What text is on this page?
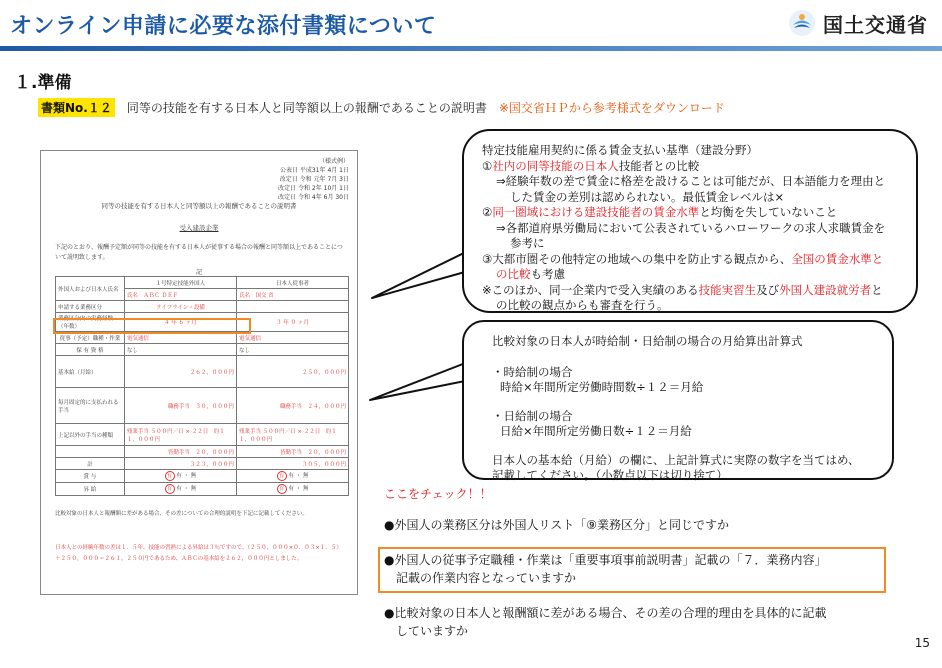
オンライン申請に必要な添付書類について	国土交通省
１.準備
書類No.１２ 同等の技能を有する日本人と同等額以上の報酬であることの説明書 ※国交省ＨＰから参考様式をダウンロード
（様式例）
公表日 平成31年 4月 1日
改定日 令和 元年 7月 3日
改定日 令和 2年 10月 1日
改定日 令和 4年 6月 30日
同等の技能を有する日本人と同等額以上の報酬であることの説明書
受入建設企業
下記のとおり、報酬予定額が同等の技能を有する日本人が従事する場合の報酬と同等額以上であることについて説明致します。
記
外国人および日本人氏名	１号特定技能外国人	日本人従事者
	氏名　ＡＢＣ ＤＥＦ	氏名　国交 省
申請する業務区分	ライフライン・設備	
業務区分内の実務経験（年数）	４ 年 ６ ヶ月	３ 年 ０ ヶ月
従事（予定）職種・作業	電気通信	電気通信
保 有 資 格	なし	なし
基本給（月給）	２６２，０００円	２５０，０００円
毎月固定的に支払われる手当	職務手当　３０，０００円	職務手当　２４，０００円
上記以外の手当の種類	残業手当 ５００円／日 × ２２日　約１１，０００円	残業手当 ５００円／日 × ２２日　約１１，０００円
	皆勤手当　２０，０００円	皆勤手当　２０，０００円
計	３２３，０００円	３０５，０００円
賞 与	有 有 ・ 無	有 有 ・ 無
昇 給	有 有 ・ 無	有 有 ・ 無
比較対象の日本人と報酬額に差がある場合、その差についての合理的説明を下記に記載してください。
日本人との経験年数の差は１．５年、技能の習熟による昇給は３％ですので、（２５０，０００×０．０３×１．５）＋２５０，０００＝２６１，２５０円であるため、ＡＢＣの基本給を２６２，０００円としました。
特定技能雇用契約に係る賃金支払い基準（建設分野）
①社内の同等技能の日本人技能者との比較
⇒経験年数の差で賃金に格差を設けることは可能だが、日本語能力を理由と
した賃金の差別は認められない。最低賃金レベルは×
②同一圏域における建設技能者の賃金水準と均衡を失していないこと
⇒各都道府県労働局において公表されているハローワークの求人求職賃金を
参考に
③大都市圏その他特定の地域への集中を防止する観点から、全国の賃金水準と
の比較も考慮
※このほか、同一企業内で受入実績のある技能実習生及び外国人建設就労者と
の比較の観点からも審査を行う。
比較対象の日本人が時給制・日給制の場合の月給算出計算式
・時給制の場合
時給×年間所定労働時間数÷１２＝月給
・日給制の場合
日給×年間所定労働日数÷１２＝月給
日本人の基本給（月給）の欄に、上記計算式に実際の数字を当てはめ、
記載してください。（小数点以下は切り捨て）
ここをチェック！！
●外国人の業務区分は外国人リスト「⑨業務区分」と同じですか
●外国人の従事予定職種・作業は「重要事項事前説明書」記載の「７．業務内容」
記載の作業内容となっていますか
●比較対象の日本人と報酬額に差がある場合、その差の合理的理由を具体的に記載
していますか
15
